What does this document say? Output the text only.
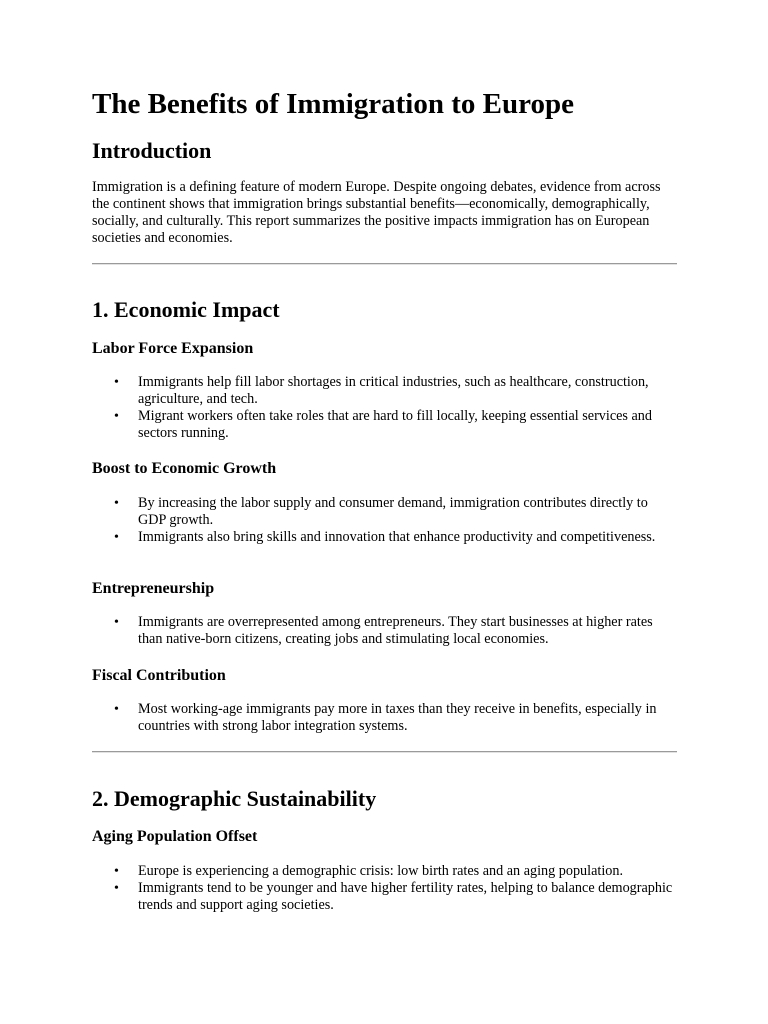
The Benefits of Immigration to Europe
Introduction

Immigration is a defining feature of modern Europe. Despite ongoing debates, evidence from across the continent shows that immigration brings substantial benefits—economically, demographically, socially, and culturally. This report summarizes the positive impacts immigration has on European societies and economies.

1. Economic Impact
Labor Force Expansion
• Immigrants help fill labor shortages in critical industries, such as healthcare, construction, agriculture, and tech.
• Migrant workers often take roles that are hard to fill locally, keeping essential services and sectors running.
Boost to Economic Growth
• By increasing the labor supply and consumer demand, immigration contributes directly to GDP growth.
• Immigrants also bring skills and innovation that enhance productivity and competitiveness.
Entrepreneurship
• Immigrants are overrepresented among entrepreneurs. They start businesses at higher rates than native-born citizens, creating jobs and stimulating local economies.
Fiscal Contribution
• Most working-age immigrants pay more in taxes than they receive in benefits, especially in countries with strong labor integration systems.
2. Demographic Sustainability
Aging Population Offset
• Europe is experiencing a demographic crisis: low birth rates and an aging population.
• Immigrants tend to be younger and have higher fertility rates, helping to balance demographic trends and support aging societies.
